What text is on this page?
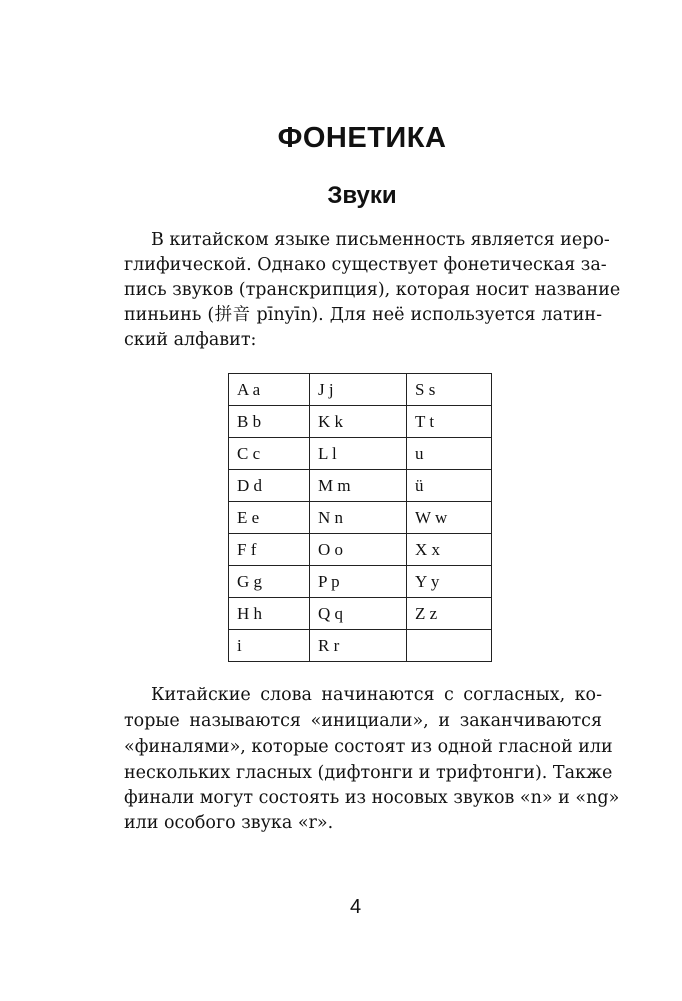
ФОНЕТИКА
Звуки
В китайском языке письменность является иеро-
глифической. Однако существует фонетическая за-
пись звуков (транскрипция), которая носит название
пиньинь (拼音 pīnyīn). Для неё используется латин-
ский алфавит:
A a	J j	S s
B b	K k	T t
C c	L l	u
D d	M m	ü
E e	N n	W w
F f	O o	X x
G g	P p	Y y
H h	Q q	Z z
i	R r	
Китайские слова начинаются с согласных, ко-
торые называются «инициали», и заканчиваются
«финалями», которые состоят из одной гласной или
нескольких гласных (дифтонги и трифтонги). Также
финали могут состоять из носовых звуков «n» и «ng»
или особого звука «r».
4
